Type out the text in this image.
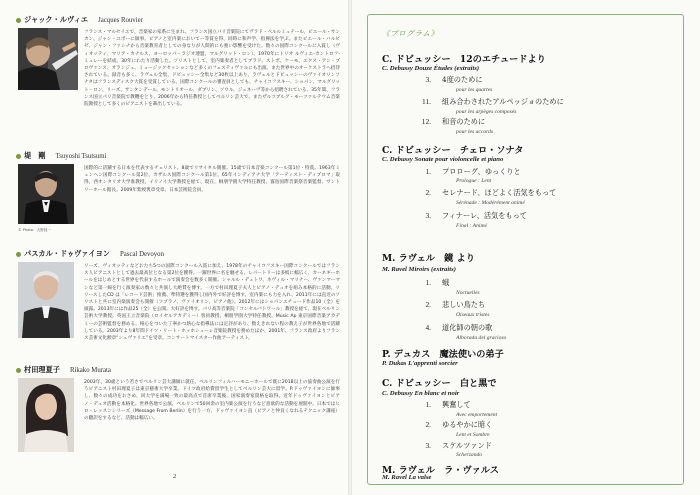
ジャック・ルヴィエ Jacques Rouvier
フランス・マルセイユで、音楽家の家系に生まれ、フランス国立パリ音楽院にてヴラド・ペルルミュテール、ピエール・サンカン、ジャン・ユボーに師事。ピアノと室内楽においてー等賞を得、同時に和声学、指揮法を学ぶ。またピエール・バルビゼ、ジャン・ファシナから音楽教育者としての身なりが人間的にも強い影響を受けた。数々の国際コンクールに入賞し（ヴィオッティ、マリア・カナルス、ヨーロッパ・ラジオ連盟、マルグリット・ロン）、1970年にトリオ ルヴィエ-カントロフ-ミュレーを結成、30年にわたり活動した。ソリストとして、室内楽奏者としてブラド、ストボ、ケーモ、エクス・アン・プロヴァンス、オランジュ、ミュージックセッションなど多くのフェスティヴァルにも出演、また世界中のオーケストラへ招待されている。録音も多く、ラヴェル全集、ドビュッシー全集など30枚以上あり、ラヴェルとドビュッシーのヴァイオリンソナタはフランスディスク大賞を受賞している。国際コンクールの審査員としても、チャイコフスキー、ショパン、マルグリット・ロン、リーズ、サンタンデール、モントリオール、ダブリン、ソウル、ジュネーヴ等から招聘されている。35年間、フランス国立パリ音楽院で教鞭をとり、2006年から特任教授としてベルリン芸大で、またザルツブルグ・モーツァルテウム音楽院教授として多くのピアニストを輩出している。
堤　剛 Tsuyoshi Tsutsumi
© Photo：大野純一
国際的に活躍する日本を代表するチェリスト。8歳でリサイタル開催。15歳で日本音楽コンクール第1位・特賞。1963年ミュンヘン国際コンクール第2位、カザルス国際コンクール第1位、65年インディアナ大学「アーティスト・ディプロマ」取得。西オンタリオ大学准教授、イリノイ大学教授を経て、現在、桐朋学園大学特任教授、霧島国際音楽祭音楽監督、サントリーホール館長。2009年紫綬褒章受章。日本芸術院会員。
パスカル・ドゥヴァイヨン Pascal Devoyon
リーズ、ヴィオッティなどおたち5つの国際コンクール入賞に加え、1978年のチャイコフスキー国際コンクールではフランス人ピアニストとして過去最高位となる第2位を獲得。一躍世界に名を馳せる。レパートリーは多岐に幅広く、カーネギーホールをはじめとする世界を代表するホールで演奏会を数多く開催。シャルル・デュトワ、ネヴィル・マリナー、ヴァンマーマンなど第一線を行く演奏家の数々と共演し大絶賛を博す。一方で村田理夏子夫人とピアノ・デュオを組み本格的に活動。リリースしたCD は「レコード芸術」推薦、準特選を獲得し国内外で好評を博す。室内楽にも力を入れ、2011年には直近のソリストと共に室内楽演奏会も開催（ソプラノ、ヴァイオリン、ピアノ他）。2012年にはショパンエチュード作品10（全）を披露。2013年には作品25（全）を公開。大好評を博す。パリ高等音楽院「コンセルバトワール」教授を経て、現在ベルリン芸術大学教授。英国王立音楽院（ロイヤルアカデミー）客員教授、桐朋学園大学特任教授、Music Ap 東京国際音楽アカデミーの芸術監督を務める。格心をついた丁寧かつ熱心な指導法には定評があり、数えきれない程の教え子が世界各地で活躍している。2003年より8年間ドイツ・リート・ホッホシューレ音楽院教授を務めたほか、2001年、フランス政府よりフランス芸術文化勲章“シュヴァリエ”を受章。コンサートマイスター作曲アーティスト。
村田理夏子 Rikako Murata
2003年、30歳という若さでベルリン芸大講師に就任。ベルリンフィルハーモニーホールで既に2018以上の協奏曲公演を行うピアニスト村田理夏子は東京藝術大学卒業。ドイツ政府給費留学生としてベルリン芸大に留学。P.ドゥヴァイヨンに師事し、数々の成功をおさめ、同大学を満場一致の最高点で首席卒業後、国家演奏家資格を取得。近年ドゥヴァイヨンとピアノ・デュオ活動を本格化。世界各地で公演、ベルリンで50回余の室内楽公演を行うなど意欲的な活動を展開中。日本ではヒロ・レッスンシリーズ（Message From Berlin）を行う一方、ドゥヴァイヨン直（ピアノと仲良くなれるテクニック講座）の翻訳をするなど、活動は幅広い。
2
《プログラム》
C. ドビュッシー　12のエチュードより
C. Debussy Douze Études (extraits)
3. 4度のために
pour les quartes
11. 組み合わされたアルペッジョのために
pour les arpèges composés
12. 和音のために
pour les accords
C. ドビュッシー　チェロ・ソナタ
C. Debussy Sonate pour violoncelle et piano
1. プロローグ、ゆっくりと
Prologue : Lent
2. セレナード、ほどよく活気をもって
Sérénade : Modérément animé
3. フィナーレ、活気をもって
Final : Animé
M. ラヴェル　鏡 より
M. Ravel Miroirs (extraits)
1. 蛾
Noctuelles
2. 悲しい鳥たち
Oiseaux tristes
4. 道化師の朝の歌
Alborada del gracioso
P. デュカス　魔法使いの弟子
P. Dukas L'apprenti sorcier
C. ドビュッシー　白と黒で
C. Debussy En blanc et noir
1. 興奮して
Avec emportement
2. ゆるやかに暗く
Lent et Sombre
3. スケルツァンド
Scherzando
M. ラヴェル　ラ・ヴァルス
M. Ravel La valse
